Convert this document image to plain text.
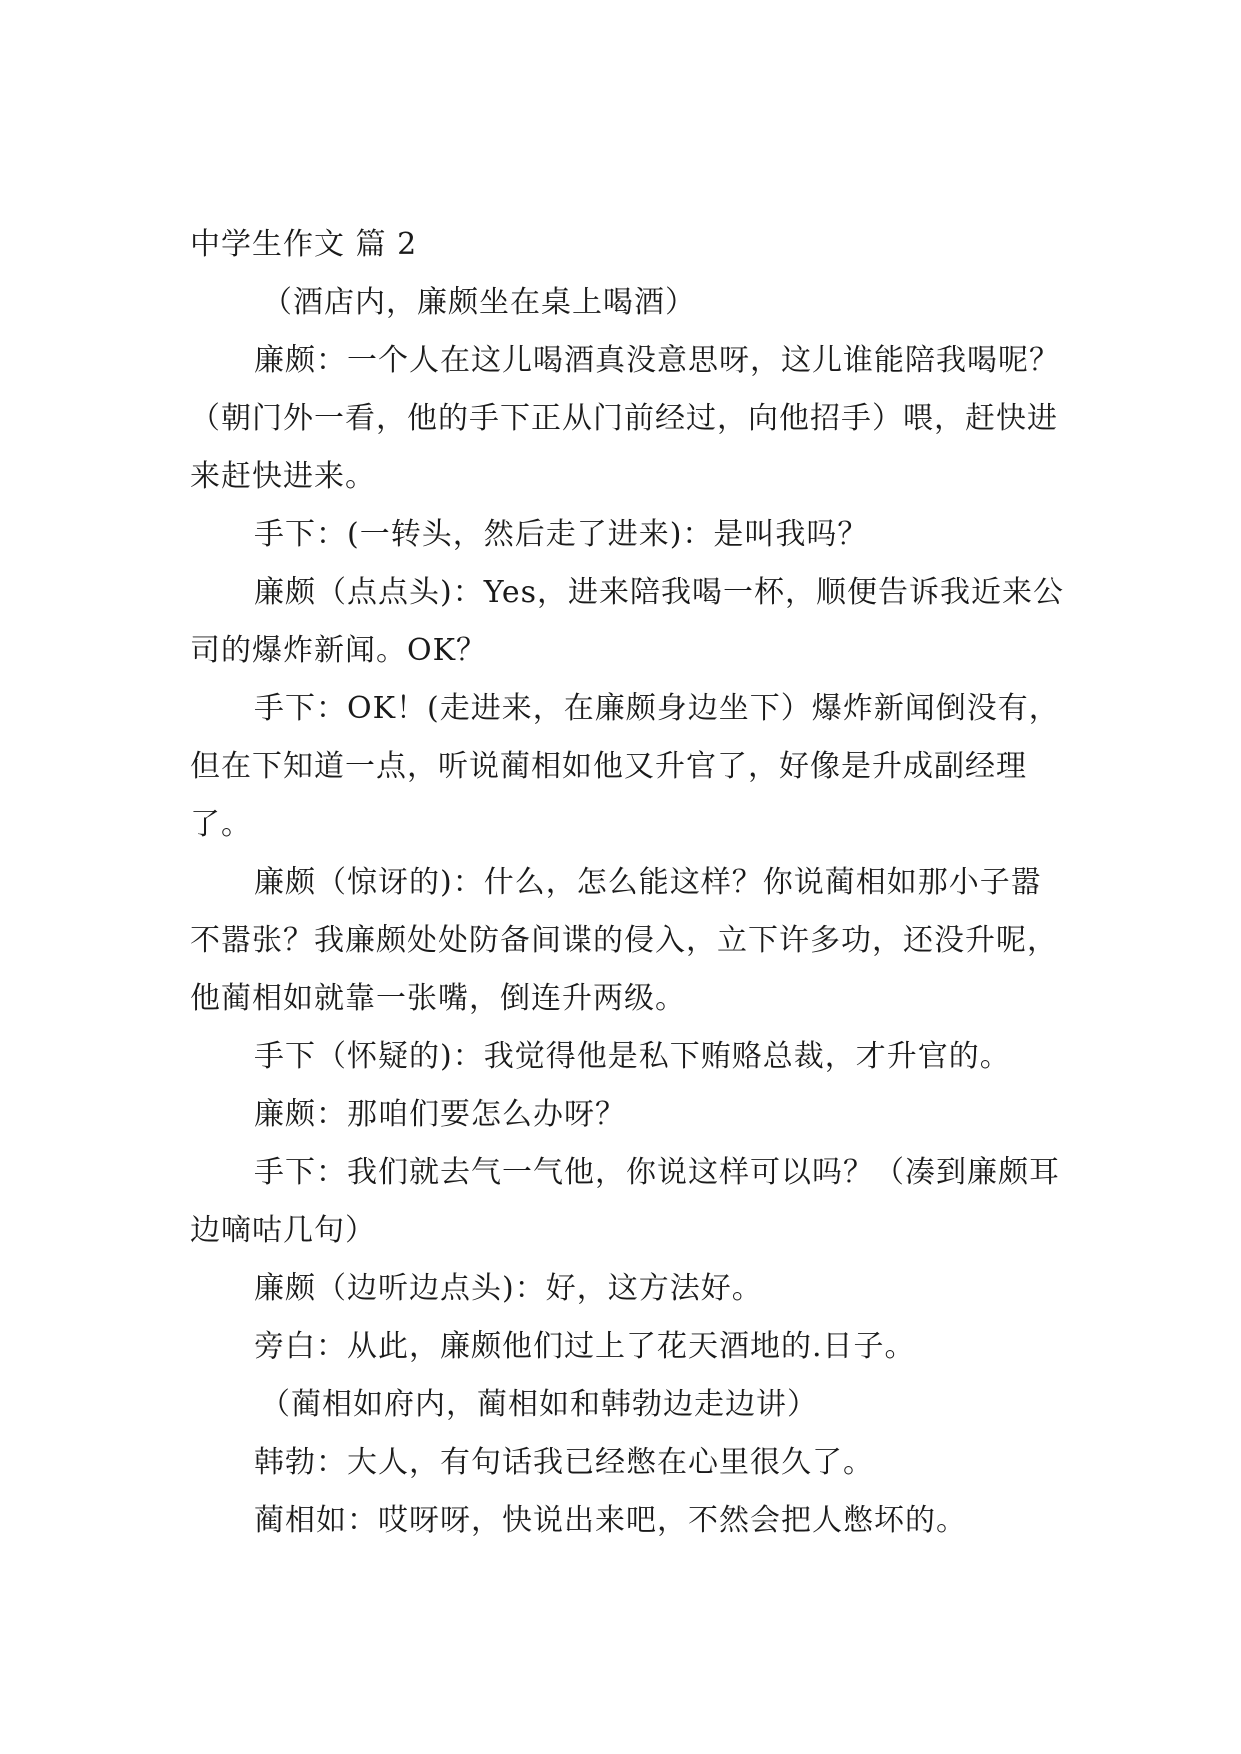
中学生作文 篇 2

（酒店内，廉颇坐在桌上喝酒）

廉颇：一个人在这儿喝酒真没意思呀，这儿谁能陪我喝呢？（朝门外一看，他的手下正从门前经过，向他招手）喂，赶快进来赶快进来。

手下：(一转头，然后走了进来)：是叫我吗？

廉颇（点点头)：Yes，进来陪我喝一杯，顺便告诉我近来公司的爆炸新闻。OK？

手下：OK！(走进来，在廉颇身边坐下）爆炸新闻倒没有，但在下知道一点，听说蔺相如他又升官了，好像是升成副经理了。

廉颇（惊讶的)：什么，怎么能这样？你说蔺相如那小子嚣不嚣张？我廉颇处处防备间谍的侵入，立下许多功，还没升呢，他蔺相如就靠一张嘴，倒连升两级。

手下（怀疑的)：我觉得他是私下贿赂总裁，才升官的。

廉颇：那咱们要怎么办呀？

手下：我们就去气一气他，你说这样可以吗？（凑到廉颇耳边嘀咕几句）

廉颇（边听边点头)：好，这方法好。

旁白：从此，廉颇他们过上了花天酒地的.日子。

（蔺相如府内，蔺相如和韩勃边走边讲）

韩勃：大人，有句话我已经憋在心里很久了。

蔺相如：哎呀呀，快说出来吧，不然会把人憋坏的。
